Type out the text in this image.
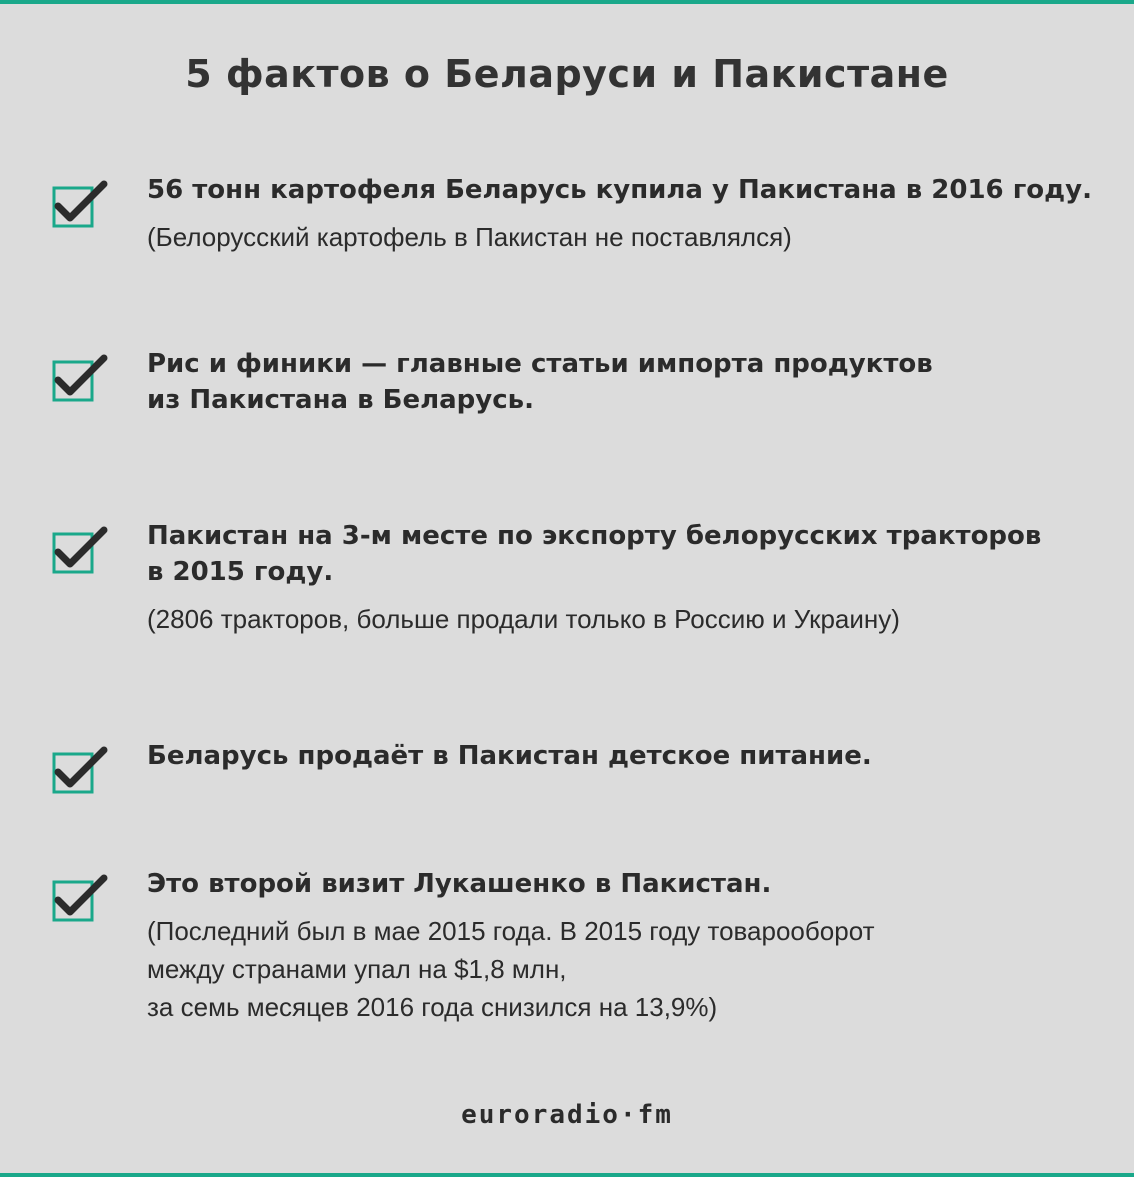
5 фактов о Беларуси и Пакистане
56 тонн картофеля Беларусь купила у Пакистана в 2016 году.
(Белорусский картофель в Пакистан не поставлялся)
Рис и финики — главные статьи импорта продуктов
из Пакистана в Беларусь.
Пакистан на 3-м месте по экспорту белорусских тракторов
в 2015 году.
(2806 тракторов, больше продали только в Россию и Украину)
Беларусь продаёт в Пакистан детское питание.
Это второй визит Лукашенко в Пакистан.
(Последний был в мае 2015 года. В 2015 году товарооборот
между странами упал на $1,8 млн,
за семь месяцев 2016 года снизился на 13,9%)
euroradio·fm
